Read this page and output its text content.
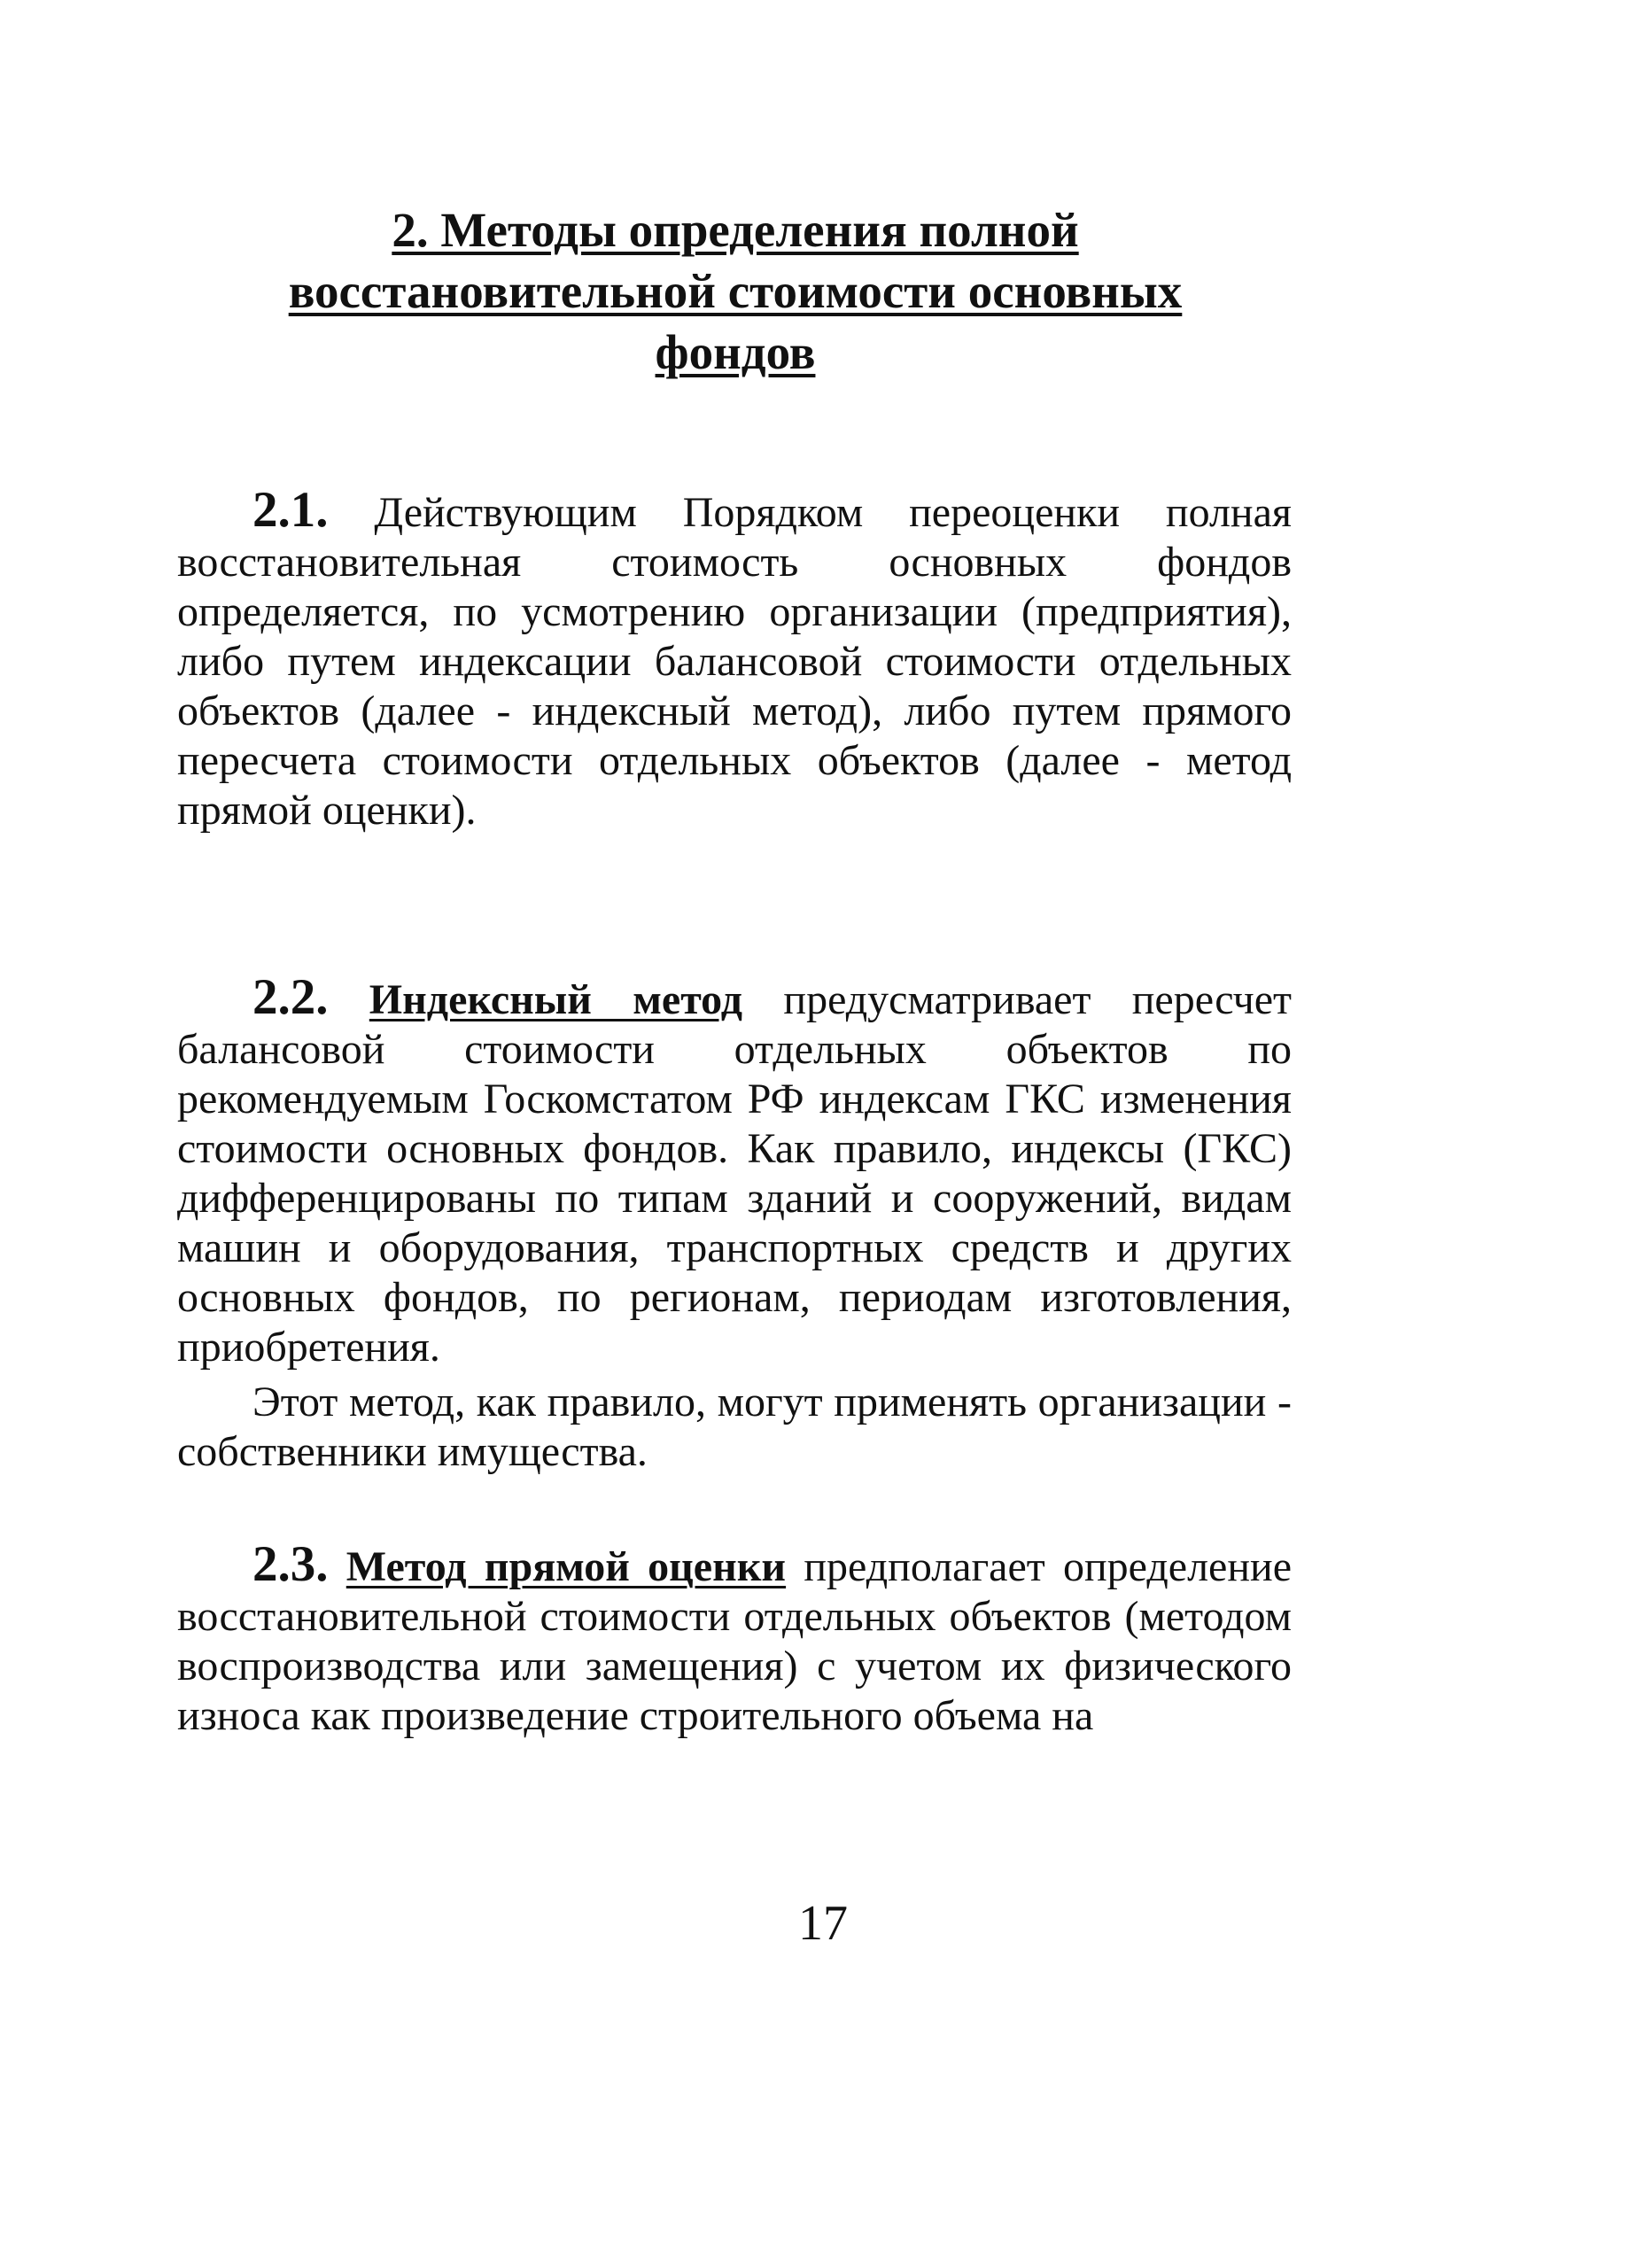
2. Методы определения полной
восстановительной стоимости основных
фондов

2.1. Действующим Порядком переоценки полная восстановительная стоимость основных фондов определяется, по усмотрению организации (предприятия), либо путем индексации балансовой стоимости отдельных объектов (далее - индексный метод), либо путем прямого пересчета стоимости отдельных объектов (далее - метод прямой оценки).

2.2. Индексный метод предусматривает пересчет балансовой стоимости отдельных объектов по рекомендуемым Госкомстатом РФ индексам ГКС изменения стоимости основных фондов. Как правило, индексы (ГКС) дифференцированы по типам зданий и сооружений, видам машин и оборудования, транспортных средств и других основных фондов, по регионам, периодам изготовления, приобретения.

Этот метод, как правило, могут применять организации - собственники имущества.

2.3. Метод прямой оценки предполагает определение восстановительной стоимости отдельных объектов (методом воспроизводства или замещения) с учетом их физического износа как произведение строительного объема на

17
